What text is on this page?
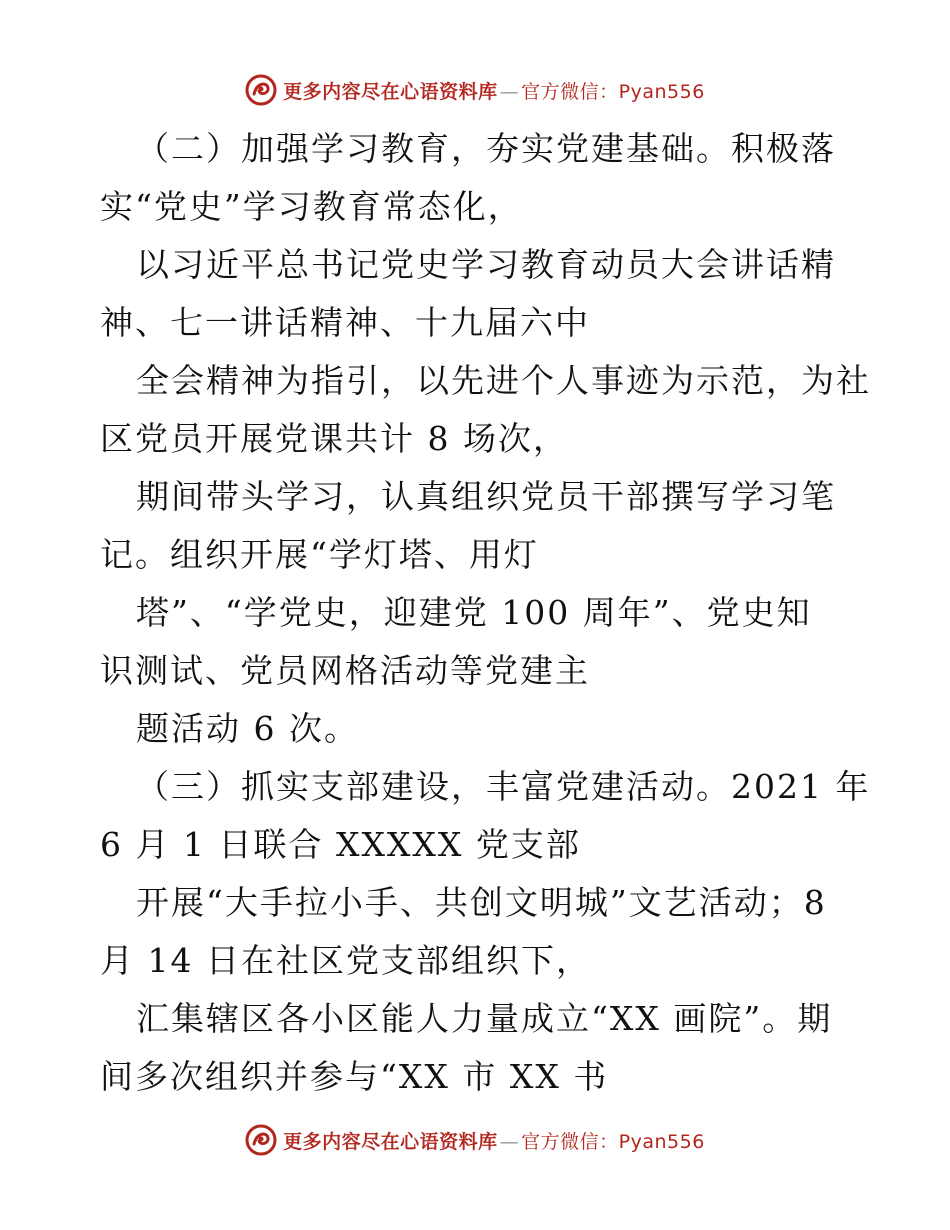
更多内容尽在心语资料库 — 官方微信：Pyan556
（二）加强学习教育，夯实党建基础。积极落
实“党史”学习教育常态化，
以习近平总书记党史学习教育动员大会讲话精
神、七一讲话精神、十九届六中
全会精神为指引，以先进个人事迹为示范，为社
区党员开展党课共计 8 场次，
期间带头学习，认真组织党员干部撰写学习笔
记。组织开展“学灯塔、用灯
塔”、“学党史，迎建党 100 周年”、党史知
识测试、党员网格活动等党建主
题活动 6 次。
（三）抓实支部建设，丰富党建活动。2021 年
6 月 1 日联合 XXXXX 党支部
开展“大手拉小手、共创文明城”文艺活动；8
月 14 日在社区党支部组织下，
汇集辖区各小区能人力量成立“XX 画院”。期
间多次组织并参与“XX 市 XX 书
更多内容尽在心语资料库 — 官方微信：Pyan556
